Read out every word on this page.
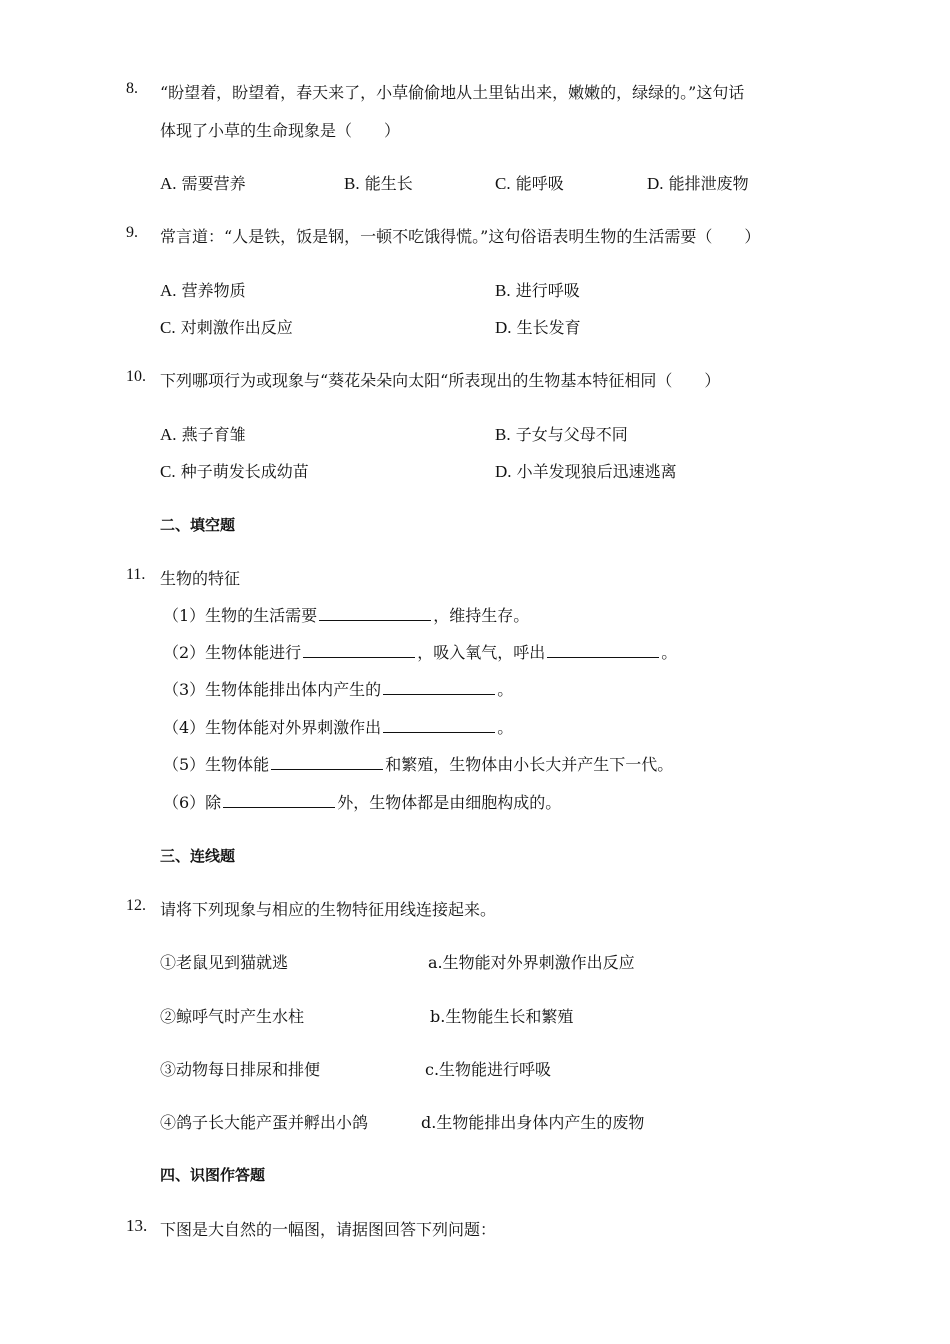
8. “盼望着，盼望着，春天来了，小草偷偷地从土里钻出来，嫩嫩的，绿绿的。”这句话
体现了小草的生命现象是（　　）
A. 需要营养	B. 能生长	C. 能呼吸	D. 能排泄废物
9. 常言道：“人是铁，饭是钢，一顿不吃饿得慌。”这句俗语表明生物的生活需要（　　）
A. 营养物质	B. 进行呼吸
C. 对刺激作出反应	D. 生长发育
10. 下列哪项行为或现象与“葵花朵朵向太阳“所表现出的生物基本特征相同（　　）
A. 燕子育雏	B. 子女与父母不同
C. 种子萌发长成幼苗	D. 小羊发现狼后迅速逃离
二、填空题
11. 生物的特征
（1）生物的生活需要	，维持生存。
（2）生物体能进行	，吸入氧气，呼出	。
（3）生物体能排出体内产生的	。
（4）生物体能对外界刺激作出	。
（5）生物体能	和繁殖，生物体由小长大并产生下一代。
（6）除	外，生物体都是由细胞构成的。
三、连线题
12. 请将下列现象与相应的生物特征用线连接起来。
①老鼠见到猫就逃	a.生物能对外界刺激作出反应
②鲸呼气时产生水柱	b.生物能生长和繁殖
③动物每日排尿和排便	c.生物能进行呼吸
④鸽子长大能产蛋并孵出小鸽	d.生物能排出身体内产生的废物
四、识图作答题
13. 下图是大自然的一幅图，请据图回答下列问题：
